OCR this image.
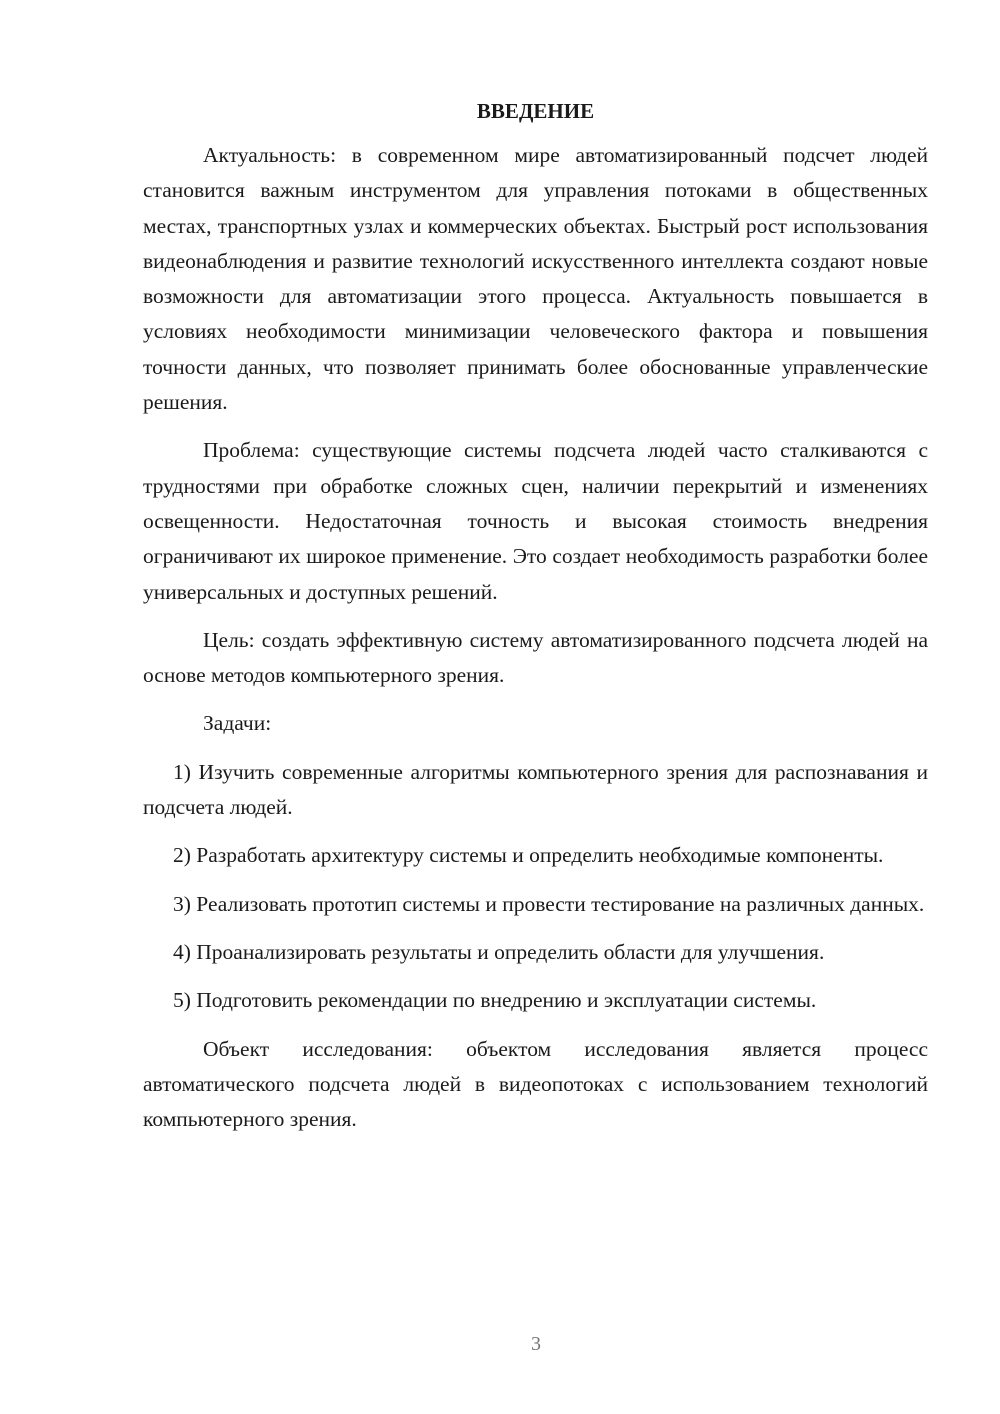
ВВЕДЕНИЕ

Актуальность: в современном мире автоматизированный подсчет людей становится важным инструментом для управления потоками в общественных местах, транспортных узлах и коммерческих объектах. Быстрый рост использования видеонаблюдения и развитие технологий искусственного интеллекта создают новые возможности для автоматизации этого процесса. Актуальность повышается в условиях необходимости минимизации человеческого фактора и повышения точности данных, что позволяет принимать более обоснованные управленческие решения.

Проблема: существующие системы подсчета людей часто сталкиваются с трудностями при обработке сложных сцен, наличии перекрытий и изменениях освещенности. Недостаточная точность и высокая стоимость внедрения ограничивают их широкое применение. Это создает необходимость разработки более универсальных и доступных решений.

Цель: создать эффективную систему автоматизированного подсчета людей на основе методов компьютерного зрения.

Задачи:

1) Изучить современные алгоритмы компьютерного зрения для распознавания и подсчета людей.

2) Разработать архитектуру системы и определить необходимые компоненты.

3) Реализовать прототип системы и провести тестирование на различных данных.

4) Проанализировать результаты и определить области для улучшения.

5) Подготовить рекомендации по внедрению и эксплуатации системы.

Объект исследования: объектом исследования является процесс автоматического подсчета людей в видеопотоках с использованием технологий компьютерного зрения.

3
